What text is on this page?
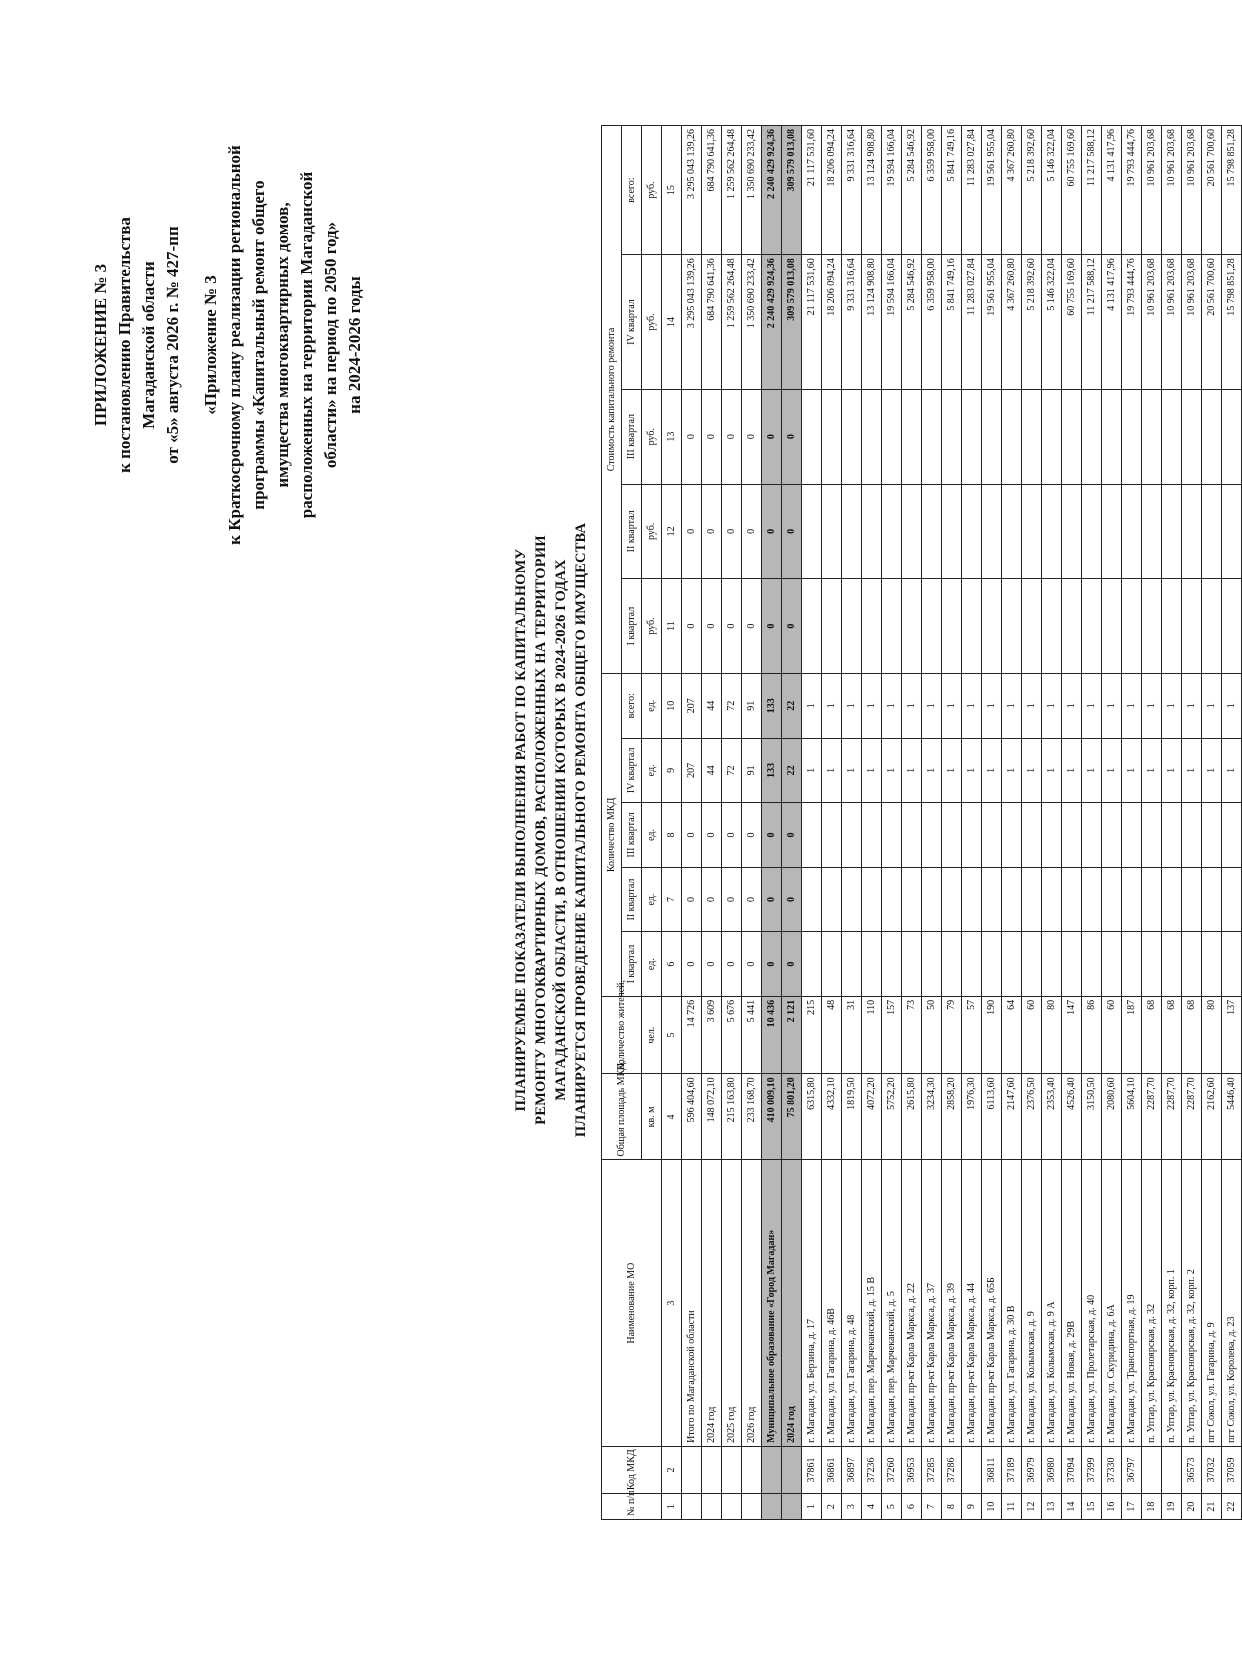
ПРИЛОЖЕНИЕ № 3 к постановлению Правительства Магаданской области от «5» августа 2026 г. № 427-пп «Приложение № 3 к Краткосрочному плану реализации региональной программы «Капитальный ремонт общего имущества многоквартирных домов, расположенных на территории Магаданской области» на период по 2050 год» на 2024-2026 годы
ПЛАНИРУЕМЫЕ ПОКАЗАТЕЛИ ВЫПОЛНЕНИЯ РАБОТ ПО КАПИТАЛЬНОМУ РЕМОНТУ МНОГОКВАРТИРНЫХ ДОМОВ, РАСПОЛОЖЕННЫХ НА ТЕРРИТОРИИ МАГАДАНСКОЙ ОБЛАСТИ, В ОТНОШЕНИИ КОТОРЫХ В 2024-2026 ГОДАХ ПЛАНИРУЕТСЯ ПРОВЕДЕНИЕ КАПИТАЛЬНОГО РЕМОНТА ОБЩЕГО ИМУЩЕСТВА
№ п/п	Код МКД	Наименование МО	Общая площадь МКД,	Количество жителей,	Количество МКД					Стоимость капитального ремонта				
					I квартал	II квартал	III квартал	IV квартал	всего:	I квартал	II квартал	III квартал	IV квартал	всего:
			кв. м	чел.	ед.	ед.	ед.	ед.	ед.	руб.	руб.	руб.	руб.	руб.
1	2	3	4	5	6	7	8	9	10	11	12	13	14	15
		Итого по Магаданской области	596 404,60	14 726	0	0	0	207	207	0	0	0	3 295 043 139,26	3 295 043 139,26
		2024 год	148 072,10	3 609	0	0	0	44	44	0	0	0	684 790 641,36	684 790 641,36
		2025 год	215 163,80	5 676	0	0	0	72	72	0	0	0	1 259 562 264,48	1 259 562 264,48
		2026 год	233 168,70	5 441	0	0	0	91	91	0	0	0	1 350 690 233,42	1 350 690 233,42
		Муниципальное образование «Город Магадан»	410 009,10	10 436	0	0	0	133	133	0	0	0	2 240 429 924,36	2 240 429 924,36
		2024 год	75 801,20	2 121	0	0	0	22	22	0	0	0	309 579 013,08	309 579 013,08
1	37861	г. Магадан, ул. Берзина, д. 17	6315,80	215				1	1				21 117 531,60	21 117 531,60
2	36861	г. Магадан, ул. Гагарина, д. 46В	4332,10	48				1	1				18 206 094,24	18 206 094,24
3	36897	г. Магадан, ул. Гагарина, д. 48	1819,50	31				1	1				9 331 316,64	9 331 316,64
4	37236	г. Магадан, пер. Марчеканский, д. 15 В	4072,20	110				1	1				13 124 908,80	13 124 908,80
5	37260	г. Магадан, пер. Марчеканский, д. 5	5752,20	157				1	1				19 594 166,04	19 594 166,04
6	36953	г. Магадан, пр-кт Карла Маркса, д. 22	2615,80	73				1	1				5 284 546,92	5 284 546,92
7	37285	г. Магадан, пр-кт Карла Маркса, д. 37	3234,30	50				1	1				6 359 958,00	6 359 958,00
8	37286	г. Магадан, пр-кт Карла Маркса, д. 39	2858,20	79				1	1				5 841 749,16	5 841 749,16
9		г. Магадан, пр-кт Карла Маркса, д. 44	1976,30	57				1	1				11 283 027,84	11 283 027,84
10	36811	г. Магадан, пр-кт Карла Маркса, д. 65Б	6113,60	190				1	1				19 561 955,04	19 561 955,04
11	37189	г. Магадан, ул. Гагарина, д. 30 В	2147,60	64				1	1				4 367 260,80	4 367 260,80
12	36979	г. Магадан, ул. Колымская, д. 9	2376,50	60				1	1				5 218 392,60	5 218 392,60
13	36980	г. Магадан, ул. Колымская, д. 9 А	2353,40	80				1	1				5 146 322,04	5 146 322,04
14	37094	г. Магадан, ул. Новая, д. 29В	4526,40	147				1	1				60 755 169,60	60 755 169,60
15	37399	г. Магадан, ул. Пролетарская, д. 40	3150,50	86				1	1				11 217 588,12	11 217 588,12
16	37330	г. Магадан, ул. Скуридина, д. 6А	2080,60	60				1	1				4 131 417,96	4 131 417,96
17	36797	г. Магадан, ул. Транспортная, д. 19	5604,10	187				1	1				19 793 444,76	19 793 444,76
18		п. Уптар, ул. Красноярская, д. 32	2287,70	68				1	1				10 961 203,68	10 961 203,68
19		п. Уптар, ул. Красноярская, д. 32, корп. 1	2287,70	68				1	1				10 961 203,68	10 961 203,68
20	36573	п. Уптар, ул. Красноярская, д. 32, корп. 2	2287,70	68				1	1				10 961 203,68	10 961 203,68
21	37032	пгт Сокол, ул. Гагарина, д. 9	2162,60	80				1	1				20 561 700,60	20 561 700,60
22	37059	пгт Сокол, ул. Королева, д. 23	5446,40	137				1	1				15 798 851,28	15 798 851,28
